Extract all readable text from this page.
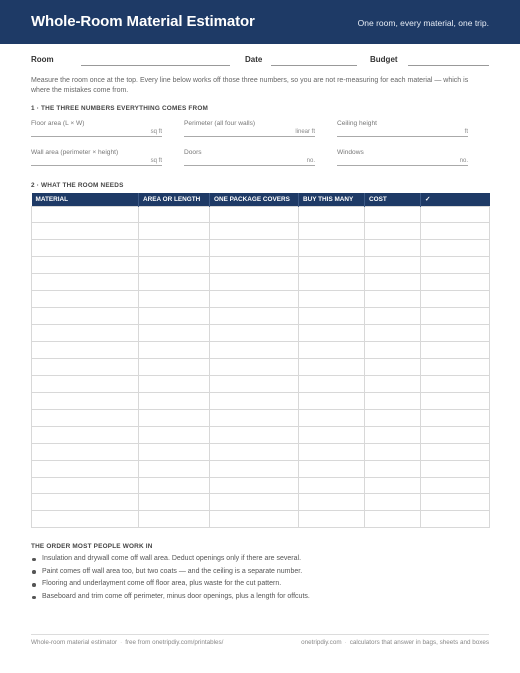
Whole-Room Material Estimator	One room, every material, one trip.
Room	Date	Budget
Measure the room once at the top. Every line below works off those three numbers, so you are not re-measuring for each material — which is where the mistakes come from.
1 · THE THREE NUMBERS EVERYTHING COMES FROM
Floor area (L × W)
sq ft
Perimeter (all four walls)
linear ft
Ceiling height
ft
Wall area (perimeter × height)
sq ft
Doors
no.
Windows
no.
2 · WHAT THE ROOM NEEDS
MATERIAL	AREA OR LENGTH	ONE PACKAGE COVERS	BUY THIS MANY	COST	✓

THE ORDER MOST PEOPLE WORK IN
Insulation and drywall come off wall area. Deduct openings only if there are several.
Paint comes off wall area too, but two coats — and the ceiling is a separate number.
Flooring and underlayment come off floor area, plus waste for the cut pattern.
Baseboard and trim come off perimeter, minus door openings, plus a length for offcuts.
Whole-room material estimator · free from onetripdiy.com/printables/	onetripdiy.com · calculators that answer in bags, sheets and boxes
